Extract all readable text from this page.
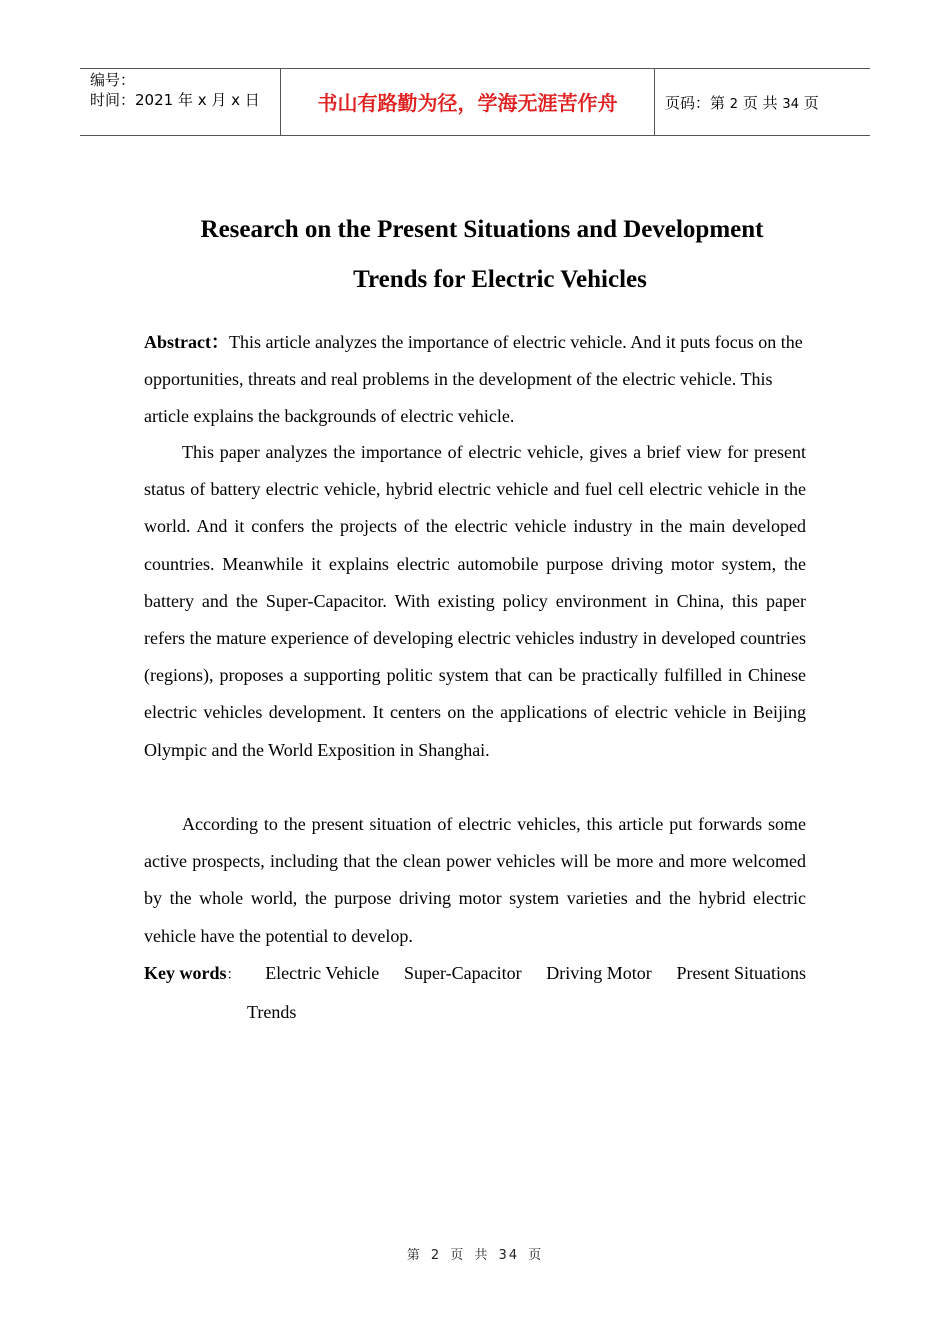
编号：
时间：2021 年 x 月 x 日	书山有路勤为径，学海无涯苦作舟	页码：第 2 页 共 34 页
Research on the Present Situations and Development
Trends for Electric Vehicles
Abstract：This article analyzes the importance of electric vehicle. And it puts focus on the opportunities, threats and real problems in the development of the electric vehicle. This article explains the backgrounds of electric vehicle.
This paper analyzes the importance of electric vehicle, gives a brief view for present status of battery electric vehicle, hybrid electric vehicle and fuel cell electric vehicle in the world. And it confers the projects of the electric vehicle industry in the main developed countries. Meanwhile it explains electric automobile purpose driving motor system, the battery and the Super-Capacitor. With existing policy environment in China, this paper refers the mature experience of developing electric vehicles industry in developed countries (regions), proposes a supporting politic system that can be practically fulfilled in Chinese electric vehicles development. It centers on the applications of electric vehicle in Beijing Olympic and the World Exposition in Shanghai.
According to the present situation of electric vehicles, this article put forwards some active prospects, including that the clean power vehicles will be more and more welcomed by the whole world, the purpose driving motor system varieties and the hybrid electric vehicle have the potential to develop.
Key words： Electric Vehicle Super-Capacitor Driving Motor Present Situations
Trends
第 2 页 共 34 页
